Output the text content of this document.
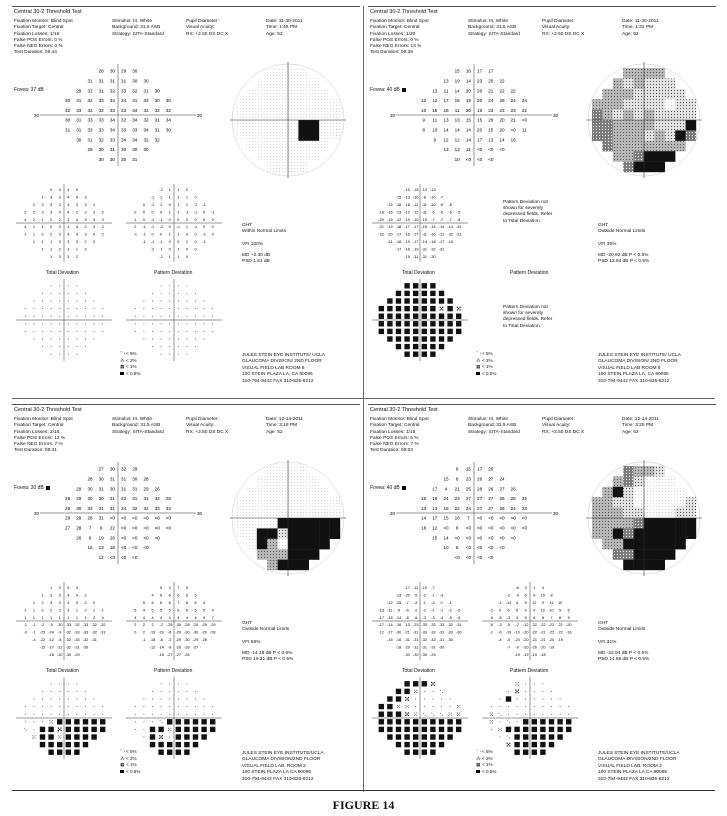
Central 30-2 Threshold Test
Fixation Monitor: Blind Spot
Fixation Target: Central
Fixation Losses: 1/16
False POS Errors: 0 %
False NEG Errors: 0 %
Test Duration: 06:44
Stimulus: III, White
Background: 31.5 ASB
Strategy: SITA-Standard
Pupil Diameter:
Visual Acuity:
RX: +2.50 DS DC X
Date: 11-30-2011
Time: 1:46 PM
Age: 52
Fovea: 37 dB
30	30
28 30 29 30
31 31 31 31 30 30
29 32 31 32 33 32 31 30
30 31 32 33 34 34 31 33 30 30
32 33 32 32 33 33 34 32 32 32
30 31 33 33 34 32 34 32 31 34
31 31 33 33 34 33 33 34 31 30
30 31 32 33 34 34 32 32
29 30 31 30 30 30
30 30 30 31
0 3 4 5
1 3 3 4 4 3
2 3 3 3 4 3 3 1
2 2 3 3 4 4 2 2 3 2
4 2 1 2 2 3 4 3 3 3
4 1 1 0 3 1 4 2 3 2
1 1 2 2 3 4 3 3 0 2
1 1 1 3 3 3 2 2
1 1 2 3 1 2
1 3 3 2
-2 1 1 2
-1 1 1 1 1 0
0 -1 1 0 1 1 -1 -1
0 0 0 0 1 1 -1 -1 0 -1
1 0 -1 -1 0 0 2 0 0 0
2 -1 -1 -2 0 -1 1 -1 0 0
-1 -1 0 0 1 1 0 0 -2 0
-1 -1 -1 0 0 1 0 -1
-2 -1 0 1 0 0
-2 1 1 0
Total Deviation	Pattern Deviation
GHT
Within Normal Limits
VFI 100%
MD +2.30 dB
PSD 1.51 dB
⠁⠂< 5%
⁂< 2%
▦ < 1%
< 0.5%
JULES STEIN EYE INSTITUTE/ UCLA
GLAUCOMA DIVISION/ 2ND FLOOR
VISUAL FIELD LAB ROOM 5
100 STEIN PLAZA LA, CA 90095
310-794-9442 FAX 310-825-8212
Central 30-2 Threshold Test
Fixation Monitor: Blind Spot
Fixation Target: Central
Fixation Losses: 1/20
False POS Errors: 0 %
False NEG Errors: 13 %
Test Duration: 09:28
Stimulus: III, White
Background: 31.5 ASB
Strategy: SITA-Standard
Pupil Diameter:
Visual Acuity:
RX: +2.50 DS DC X
Date: 11-30-2011
Time: 1:32 PM
Age: 52
Fovea: 40 dB
30	30
15 16 17 17
13 19 14 23 20 22
13 11 14 20 20 21 22 22
12 12 17 18 19 20 24 25 24 24
10 15 18 11 20 15 23 23 23 22
9 11 13 13 15 15 20 20 21 <0
8 10 14 14 14 20 15 20 <0 11
9 12 12 14 17 13 14 16
13 13 11 <0 <0 <0
10 <0 <0 <0
-15 -15 -13 -13
-15 -13 -16 -8 -10 -7
-15 -18 -16 -11 -11 -10 -9 -8
-18 -16 -13 -12 -12 -11 -6 -5 -6 -5
-20 -15 -12 -19 -10 -15 -7 -7 -7 -8
-21 -19 -18 -17 -17 -15 -14 -14 -14 -31
-22 -20 -17 -16 -17 -11 -16 -11 -32 -21
-21 -18 -19 -17 -14 -18 -17 -15
-17 -16 -19 -31 -32 -31
-19 -31 -31 -30
Total Deviation	Pattern Deviation
Pattern Deviation not
shown for severely
depressed fields. Refer
to Total Deviation.
Pattern Deviation not
shown for severely
depressed fields. Refer
to Total Deviation.
GHT
Outside Normal Limits
VFI 35%
MD -20.92 dB P < 0.5%
PSD 13.94 dB P < 0.5%
⠁⠂< 5%
⁂< 2%
▦ < 1%
< 0.5%
JULES STEIN EYE INSTITUTE/ UCLA
GLAUCOMA DIVISION/ 2ND FLOOR
VISUAL FIELD LAB ROOM 5
100 STEIN PLAZA LA, CA 90095
310-794-9442 FAX 310-825-8212
Central 30-2 Threshold Test
Fixation Monitor: Blind Spot
Fixation Target: Central
Fixation Losses: 2/18
False POS Errors: 12 %
False NEG Errors: 7 %
Test Duration: 08:41
Stimulus: III, White
Background: 31.5 ASB
Strategy: SITA-Standard
Pupil Diameter:
Visual Acuity:
RX: +2.50 DS DC X
Date: 12-14-2011
Time: 3:18 PM
Age: 52
Fovea: 30 dB
30	30
27 30 32 29
28 30 31 31 30 28
29 30 31 30 31 31 29 26
28 29 30 30 31 32 31 31 32 28
28 30 33 31 31 34 32 32 33 33
29 29 28 31 <0 <0 <0 <0 <0 <0
27 28 7 6 22 <0 <0 <0 <0 <0
26 8 19 26 <0 <0 <0 <0
15 13 18 <0 <0 <0
12 <0 <0 <0
1 3 5 3
1 3 3 4 4 2
1 2 3 3 4 3 2 0
1 1 2 2 2 3 1 2 1 1
1 1 1 1 1 1 1 1 2 4
-1 -1 -2 -5 -30 -33 -32 -33 -32 -32
-3 -1 -23 -24 -9 -32 -33 -33 -32 -31
-4 -22 -12 -5 -32 -33 -32 -31
-15 -17 -12 -32 -31 -30
-18 -30 -30 -29
5 4 7 5
4 6 6 6 6 5
5 5 6 6 7 6 5 4
5 4 5 5 5 6 5 5 5 4
4 4 4 4 4 4 4 4 5 7
2 2 2 -2 -26 -30 -28 -29 -29 -29
0 2 -19 -20 -6 -29 -30 -30 -29 -28
-1 -18 -8 -2 -29 -30 -29 -28
-12 -14 -9 -29 -28 -27
-15 -27 -27 -26
Total Deviation	Pattern Deviation
GHT
Outside Normal Limits
VFI 58%
MD -14.18 dB P < 0.5%
PSD 19.21 dB P < 0.5%
⠁⠂< 5%
⁂< 2%
▦ < 1%
< 0.5%
JULES STEIN EYE INSTITUTE/UCLA
GLAUCOMA DIVISION/2ND FLOOR
VISUAL FIELD LAB, ROOM 2
100 STEIN PLAZA LA CA 90095
310-794-9442 FAX 310-825-8212
Central 30-2 Threshold Test
Fixation Monitor: Blind Spot
Fixation Target: Central
Fixation Losses: 1/19
False POS Errors: 5 %
False NEG Errors: 7 %
Test Duration: 09:03
Stimulus: III, White
Background: 31.5 ASB
Strategy: SITA-Standard
Pupil Diameter:
Visual Acuity:
RX: +2.50 DS DC X
Date: 12-14-2011
Time: 3:25 PM
Age: 52
Fovea: 40 dB
30	30
9 15 17 20
15 8 23 26 27 24
17 4 21 25 28 26 27 26
16 18 24 23 27 27 27 26 26 22
13 13 15 22 24 27 27 26 24 23
14 17 15 18 7 <0 <0 <0 <0 <0
18 12 <0 8 <0 <0 <0 <0 <0 <0
15 14 <0 <0 <0 <0 <0 <0
10 8 <0 <0 <0 <0
<0 <0 <0 <0
-17 -11 -10 -7
-13 -20 -5 -2 -1 -3
-12 -25 -7 -2 1 -2 0 -1
-13 -11 -5 -6 -2 -2 -1 -1 -2 -5
-17 -16 -14 -8 -6 -3 -3 -4 -5 -6
-17 -14 -16 -13 -23 -33 -33 -33 -32 -31
-12 -17 -30 -21 -31 -33 -32 -33 -33 -30
-15 -16 -31 -31 -32 -32 -31 -30
-18 -20 -31 -31 -31 -30
-30 -30 -30 -29
-6 0 1 4
-2 -9 6 9 10 8
-1 -14 4 9 12 9 11 10
-2 0 6 5 9 9 10 10 9 6
-6 -5 -3 3 5 8 8 7 6 5
-6 -3 -5 -2 -12 -22 -22 -22 -21 -20
-1 -6 -19 -10 -20 -22 -21 -22 -22 -19
-4 -5 -20 -20 -21 -21 -20 -19
-7 -9 -20 -20 -20 -19
-19 -19 -19 -18
Total Deviation	Pattern Deviation
GHT
Outside Normal Limits
VFI 31%
MD -22.94 dB P < 0.5%
PSD 14.69 dB P < 0.5%
⠁⠂< 5%
⁂< 2%
▦ < 1%
< 0.5%
JULES STEIN EYE INSTITUTE/UCLA
GLAUCOMA DIVISION/2ND FLOOR
VISUAL FIELD LAB, ROOM 2
100 STEIN PLAZA LA CA 90095
310-794-9442 FAX 310-825-8212
FIGURE 14
